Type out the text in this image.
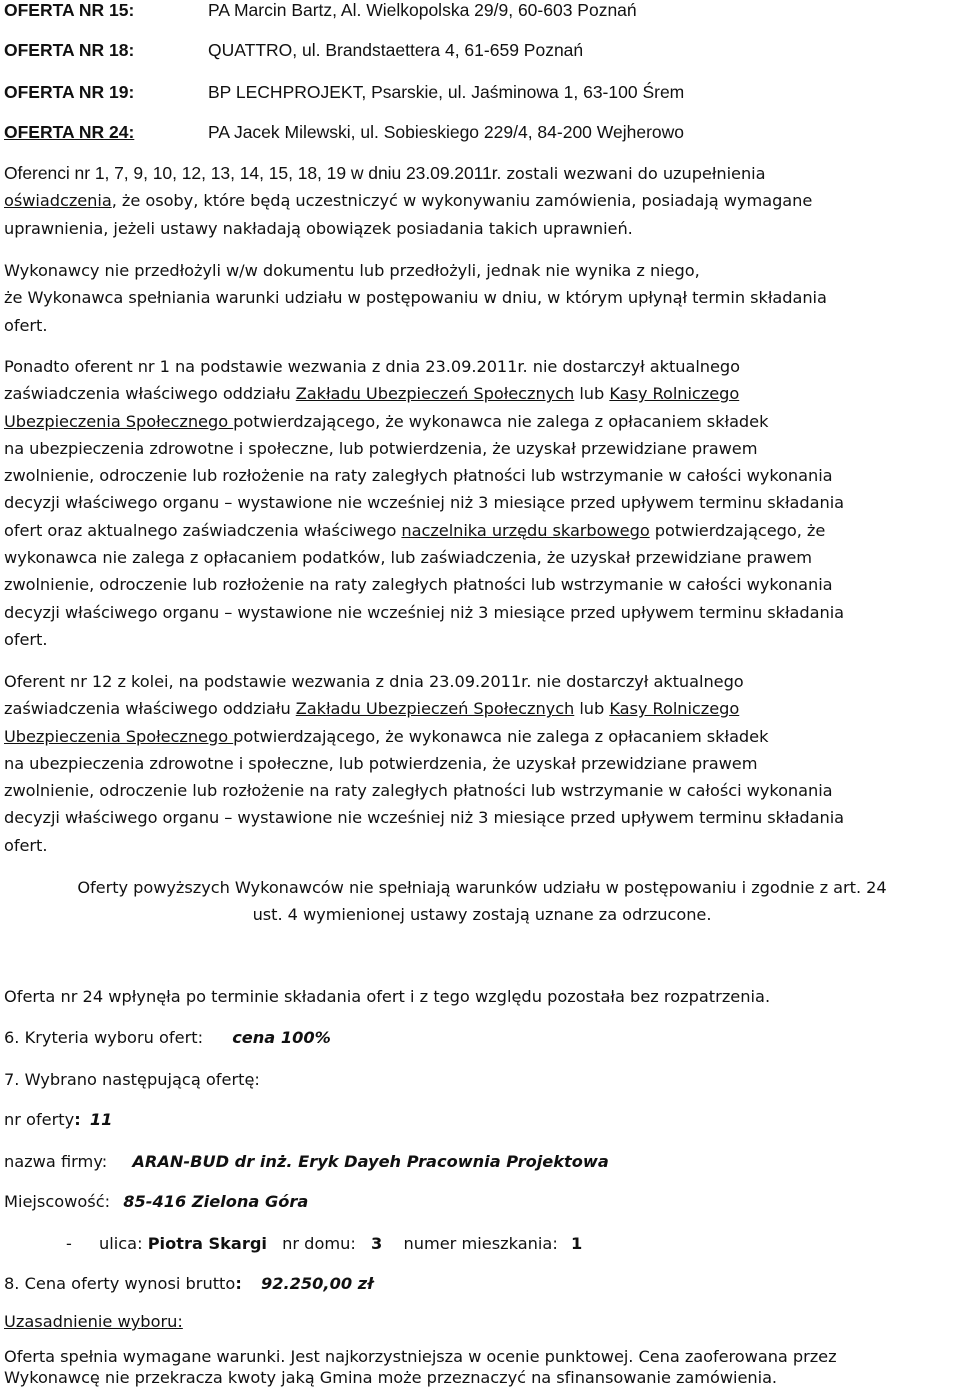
OFERTA NR 15:	PA Marcin Bartz, Al. Wielkopolska 29/9, 60-603 Poznań
OFERTA NR 18:	QUATTRO, ul. Brandstaettera 4, 61-659 Poznań
OFERTA NR 19:	BP LECHPROJEKT, Psarskie, ul. Jaśminowa 1, 63-100 Śrem
OFERTA NR 24:	PA Jacek Milewski, ul. Sobieskiego 229/4, 84-200 Wejherowo
Oferenci nr 1, 7, 9, 10, 12, 13, 14, 15, 18, 19 w dniu 23.09.2011r. zostali wezwani do uzupełnienia
oświadczenia, że osoby, które będą uczestniczyć w wykonywaniu zamówienia, posiadają wymagane
uprawnienia, jeżeli ustawy nakładają obowiązek posiadania takich uprawnień.
Wykonawcy nie przedłożyli w/w dokumentu lub przedłożyli, jednak nie wynika z niego,
że Wykonawca spełniania warunki udziału w postępowaniu w dniu, w którym upłynął termin składania
ofert.
Ponadto oferent nr 1 na podstawie wezwania z dnia 23.09.2011r. nie dostarczył aktualnego
zaświadczenia właściwego oddziału Zakładu Ubezpieczeń Społecznych lub Kasy Rolniczego
Ubezpieczenia Społecznego potwierdzającego, że wykonawca nie zalega z opłacaniem składek
na ubezpieczenia zdrowotne i społeczne, lub potwierdzenia, że uzyskał przewidziane prawem
zwolnienie, odroczenie lub rozłożenie na raty zaległych płatności lub wstrzymanie w całości wykonania
decyzji właściwego organu – wystawione nie wcześniej niż 3 miesiące przed upływem terminu składania
ofert oraz aktualnego zaświadczenia właściwego naczelnika urzędu skarbowego potwierdzającego, że
wykonawca nie zalega z opłacaniem podatków, lub zaświadczenia, że uzyskał przewidziane prawem
zwolnienie, odroczenie lub rozłożenie na raty zaległych płatności lub wstrzymanie w całości wykonania
decyzji właściwego organu – wystawione nie wcześniej niż 3 miesiące przed upływem terminu składania
ofert.
Oferent nr 12 z kolei, na podstawie wezwania z dnia 23.09.2011r. nie dostarczył aktualnego
zaświadczenia właściwego oddziału Zakładu Ubezpieczeń Społecznych lub Kasy Rolniczego
Ubezpieczenia Społecznego potwierdzającego, że wykonawca nie zalega z opłacaniem składek
na ubezpieczenia zdrowotne i społeczne, lub potwierdzenia, że uzyskał przewidziane prawem
zwolnienie, odroczenie lub rozłożenie na raty zaległych płatności lub wstrzymanie w całości wykonania
decyzji właściwego organu – wystawione nie wcześniej niż 3 miesiące przed upływem terminu składania
ofert.
Oferty powyższych Wykonawców nie spełniają warunków udziału w postępowaniu i zgodnie z art. 24
ust. 4 wymienionej ustawy zostają uznane za odrzucone.
Oferta nr 24 wpłynęła po terminie składania ofert i z tego względu pozostała bez rozpatrzenia.
6. Kryteria wyboru ofert: cena 100%
7. Wybrano następującą ofertę:
nr oferty: 11
nazwa firmy: ARAN-BUD dr inż. Eryk Dayeh Pracownia Projektowa
Miejscowość: 85-416 Zielona Góra
- ulica: Piotra Skargi nr domu: 3 numer mieszkania: 1
8. Cena oferty wynosi brutto: 92.250,00 zł
Uzasadnienie wyboru:
Oferta spełnia wymagane warunki. Jest najkorzystniejsza w ocenie punktowej. Cena zaoferowana przez
Wykonawcę nie przekracza kwoty jaką Gmina może przeznaczyć na sfinansowanie zamówienia.
